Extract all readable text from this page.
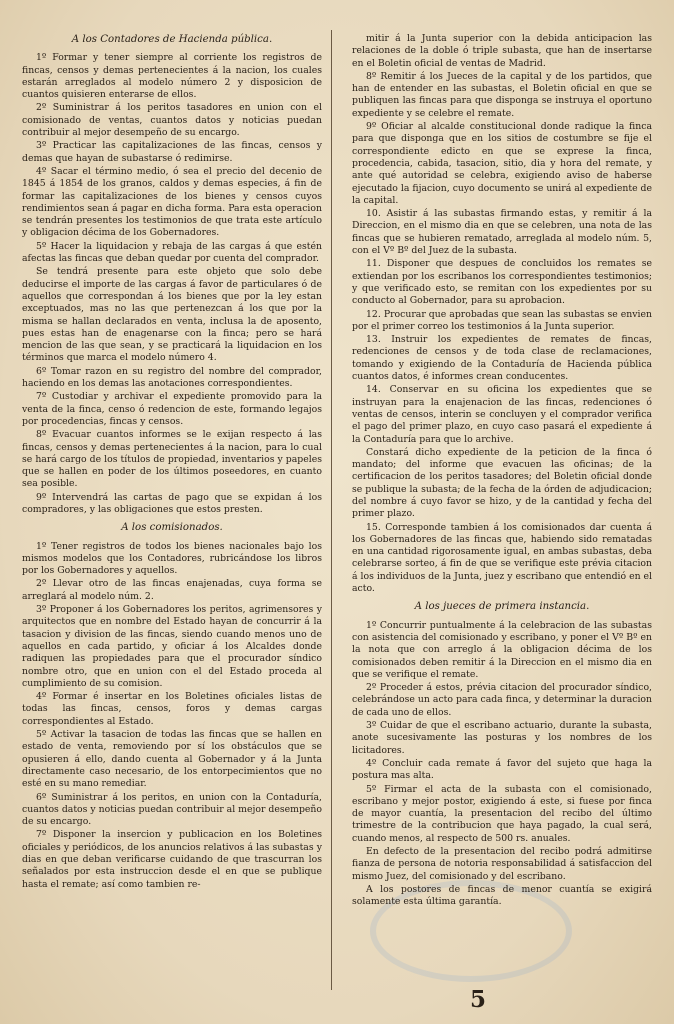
A los Contadores de Hacienda pública.

1º Formar y tener siempre al corriente los registros de fincas, censos y demas pertenecientes á la nacion, los cuales estarán arreglados al modelo número 2 y disposicion de cuantos quisieren enterarse de ellos.

2º Suministrar á los peritos tasadores en union con el comisionado de ventas, cuantos datos y noticias puedan contribuir al mejor desempeño de su encargo.

3º Practicar las capitalizaciones de las fincas, censos y demas que hayan de subastarse ó redimirse.

4º Sacar el término medio, ó sea el precio del decenio de 1845 á 1854 de los granos, caldos y demas especies, á fin de formar las capitalizaciones de los bienes y censos cuyos rendimientos sean á pagar en dicha forma. Para esta operacion se tendrán presentes los testimonios de que trata este artículo y obligacion décima de los Gobernadores.

5º Hacer la liquidacion y rebaja de las cargas á que estén afectas las fincas que deban quedar por cuenta del comprador.

Se tendrá presente para este objeto que solo debe deducirse el importe de las cargas á favor de particulares ó de aquellos que correspondan á los bienes que por la ley estan exceptuados, mas no las que pertenezcan á los que por la misma se hallan declarados en venta, inclusa la de aposento, pues estas han de enagenarse con la finca; pero se hará mencion de las que sean, y se practicará la liquidacion en los términos que marca el modelo número 4.

6º Tomar razon en su registro del nombre del comprador, haciendo en los demas las anotaciones correspondientes.

7º Custodiar y archivar el expediente promovido para la venta de la finca, censo ó redencion de este, formando legajos por procedencias, fincas y censos.

8º Evacuar cuantos informes se le exijan respecto á las fincas, censos y demas pertenecientes á la nacion, para lo cual se hará cargo de los títulos de propiedad, inventarios y papeles que se hallen en poder de los últimos poseedores, en cuanto sea posible.

9º Intervendrá las cartas de pago que se expidan á los compradores, y las obligaciones que estos presten.

A los comisionados.

1º Tener registros de todos los bienes nacionales bajo los mismos modelos que los Contadores, rubricándose los libros por los Gobernadores y aquellos.

2º Llevar otro de las fincas enajenadas, cuya forma se arreglará al modelo núm. 2.

3º Proponer á los Gobernadores los peritos, agrimensores y arquitectos que en nombre del Estado hayan de concurrir á la tasacion y division de las fincas, siendo cuando menos uno de aquellos en cada partido, y oficiar á los Alcaldes donde radiquen las propiedades para que el procurador síndico nombre otro, que en union con el del Estado proceda al cumplimiento de su comision.

4º Formar é insertar en los Boletines oficiales listas de todas las fincas, censos, foros y demas cargas correspondientes al Estado.

5º Activar la tasacion de todas las fincas que se hallen en estado de venta, removiendo por sí los obstáculos que se opusieren á ello, dando cuenta al Gobernador y á la Junta directamente caso necesario, de los entorpecimientos que no esté en su mano remediar.

6º Suministrar á los peritos, en union con la Contaduría, cuantos datos y noticias puedan contribuir al mejor desempeño de su encargo.

7º Disponer la insercion y publicacion en los Boletines oficiales y periódicos, de los anuncios relativos á las subastas y dias en que deban verificarse cuidando de que trascurran los señalados por esta instruccion desde el en que se publique hasta el remate; así como tambien re-

mitir á la Junta superior con la debida anticipacion las relaciones de la doble ó triple subasta, que han de insertarse en el Boletin oficial de ventas de Madrid.

8º Remitir á los Jueces de la capital y de los partidos, que han de entender en las subastas, el Boletin oficial en que se publiquen las fincas para que disponga se instruya el oportuno expediente y se celebre el remate.

9º Oficiar al alcalde constitucional donde radique la finca para que disponga que en los sitios de costumbre se fije el correspondiente edicto en que se exprese la finca, procedencia, cabida, tasacion, sitio, dia y hora del remate, y ante qué autoridad se celebra, exigiendo aviso de haberse ejecutado la fijacion, cuyo documento se unirá al expediente de la capital.

10. Asistir á las subastas firmando estas, y remitir á la Direccion, en el mismo dia en que se celebren, una nota de las fincas que se hubieren rematado, arreglada al modelo núm. 5, con el Vº Bº del Juez de la subasta.

11. Disponer que despues de concluidos los remates se extiendan por los escribanos los correspondientes testimonios; y que verificado esto, se remitan con los expedientes por su conducto al Gobernador, para su aprobacion.

12. Procurar que aprobadas que sean las subastas se envien por el primer correo los testimonios á la Junta superior.

13. Instruir los expedientes de remates de fincas, redenciones de censos y de toda clase de reclamaciones, tomando y exigiendo de la Contaduría de Hacienda pública cuantos datos, é informes crean conducentes.

14. Conservar en su oficina los expedientes que se instruyan para la enajenacion de las fincas, redenciones ó ventas de censos, interin se concluyen y el comprador verifica el pago del primer plazo, en cuyo caso pasará el expediente á la Contaduría para que lo archive.

Constará dicho expediente de la peticion de la finca ó mandato; del informe que evacuen las oficinas; de la certificacion de los peritos tasadores; del Boletin oficial donde se publique la subasta; de la fecha de la órden de adjudicacion; del nombre á cuyo favor se hizo, y de la cantidad y fecha del primer plazo.

15. Corresponde tambien á los comisionados dar cuenta á los Gobernadores de las fincas que, habiendo sido rematadas en una cantidad rigorosamente igual, en ambas subastas, deba celebrarse sorteo, á fin de que se verifique este prévia citacion á los individuos de la Junta, juez y escribano que entendió en el acto.

A los jueces de primera instancia.

1º Concurrir puntualmente á la celebracion de las subastas con asistencia del comisionado y escribano, y poner el Vº Bº en la nota que con arreglo á la obligacion décima de los comisionados deben remitir á la Direccion en el mismo dia en que se verifique el remate.

2º Proceder á estos, prévia citacion del procurador síndico, celebrándose un acto para cada finca, y determinar la duracion de cada uno de ellos.

3º Cuidar de que el escribano actuario, durante la subasta, anote sucesivamente las posturas y los nombres de los licitadores.

4º Concluir cada remate á favor del sujeto que haga la postura mas alta.

5º Firmar el acta de la subasta con el comisionado, escribano y mejor postor, exigiendo á este, si fuese por finca de mayor cuantía, la presentacion del recibo del último trimestre de la contribucion que haya pagado, la cual será, cuando menos, al respecto de 500 rs. anuales.

En defecto de la presentacion del recibo podrá admitirse fianza de persona de notoria responsabilidad á satisfaccion del mismo Juez, del comisionado y del escribano.

A los postores de fincas de menor cuantía se exigirá solamente esta última garantía.

5
